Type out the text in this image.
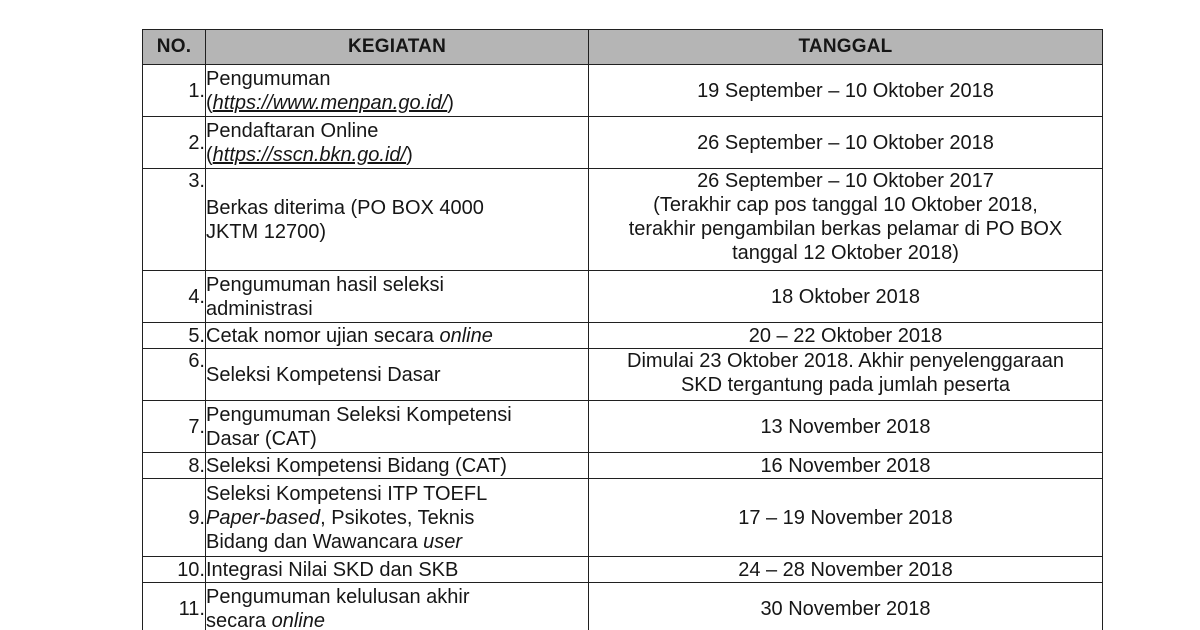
NO.	KEGIATAN	TANGGAL
1.	Pengumuman
(https://www.menpan.go.id/)	19 September – 10 Oktober 2018
2.	Pendaftaran Online
(https://sscn.bkn.go.id/)	26 September – 10 Oktober 2018
3.	Berkas diterima (PO BOX 4000
JKTM 12700)	26 September – 10 Oktober 2017
(Terakhir cap pos tanggal 10 Oktober 2018,
terakhir pengambilan berkas pelamar di PO BOX
tanggal 12 Oktober 2018)

4.	Pengumuman hasil seleksi
administrasi	18 Oktober 2018
5.	Cetak nomor ujian secara online	20 – 22 Oktober 2018
6.	Seleksi Kompetensi Dasar	Dimulai 23 Oktober 2018. Akhir penyelenggaraan
SKD tergantung pada jumlah peserta

7.	Pengumuman Seleksi Kompetensi
Dasar (CAT)	13 November 2018
8.	Seleksi Kompetensi Bidang (CAT)	16 November 2018
9.	Seleksi Kompetensi ITP TOEFL
Paper-based, Psikotes, Teknis
Bidang dan Wawancara user	17 – 19 November 2018
10.	Integrasi Nilai SKD dan SKB	24 – 28 November 2018
11.	Pengumuman kelulusan akhir
secara online	30 November 2018
